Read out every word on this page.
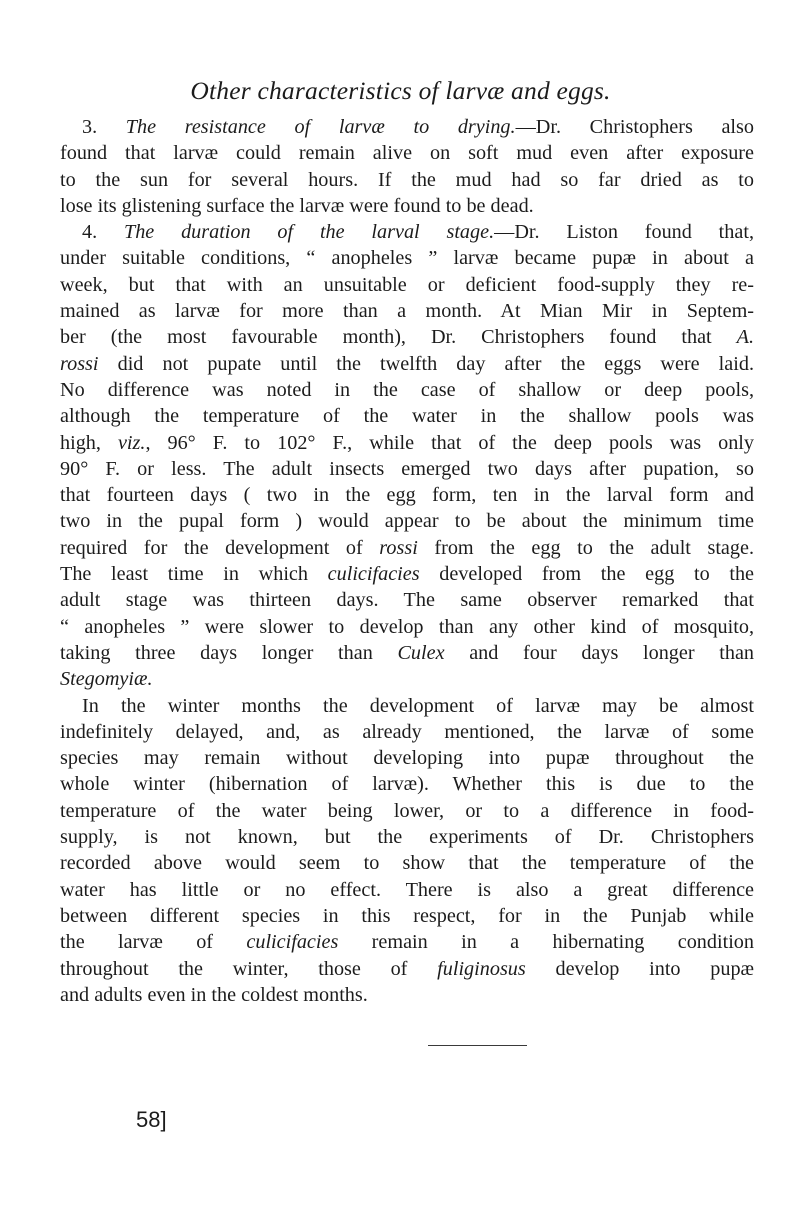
Other characteristics of larvæ and eggs.
3. The resistance of larvæ to drying.—Dr. Christophers also
found that larvæ could remain alive on soft mud even after exposure
to the sun for several hours. If the mud had so far dried as to
lose its glistening surface the larvæ were found to be dead.
4. The duration of the larval stage.—Dr. Liston found that,
under suitable conditions, “ anopheles ” larvæ became pupæ in about a
week, but that with an unsuitable or deficient food-supply they re-
mained as larvæ for more than a month. At Mian Mir in Septem-
ber (the most favourable month), Dr. Christophers found that A.
rossi did not pupate until the twelfth day after the eggs were laid.
No difference was noted in the case of shallow or deep pools,
although the temperature of the water in the shallow pools was
high, viz., 96° F. to 102° F., while that of the deep pools was only
90° F. or less. The adult insects emerged two days after pupation, so
that fourteen days ( two in the egg form, ten in the larval form and
two in the pupal form ) would appear to be about the minimum time
required for the development of rossi from the egg to the adult stage.
The least time in which culicifacies developed from the egg to the
adult stage was thirteen days. The same observer remarked that
“ anopheles ” were slower to develop than any other kind of mosquito,
taking three days longer than Culex and four days longer than
Stegomyiæ.
In the winter months the development of larvæ may be almost
indefinitely delayed, and, as already mentioned, the larvæ of some
species may remain without developing into pupæ throughout the
whole winter (hibernation of larvæ). Whether this is due to the
temperature of the water being lower, or to a difference in food-
supply, is not known, but the experiments of Dr. Christophers
recorded above would seem to show that the temperature of the
water has little or no effect. There is also a great difference
between different species in this respect, for in the Punjab while
the larvæ of culicifacies remain in a hibernating condition
throughout the winter, those of fuliginosus develop into pupæ
and adults even in the coldest months.
58]
